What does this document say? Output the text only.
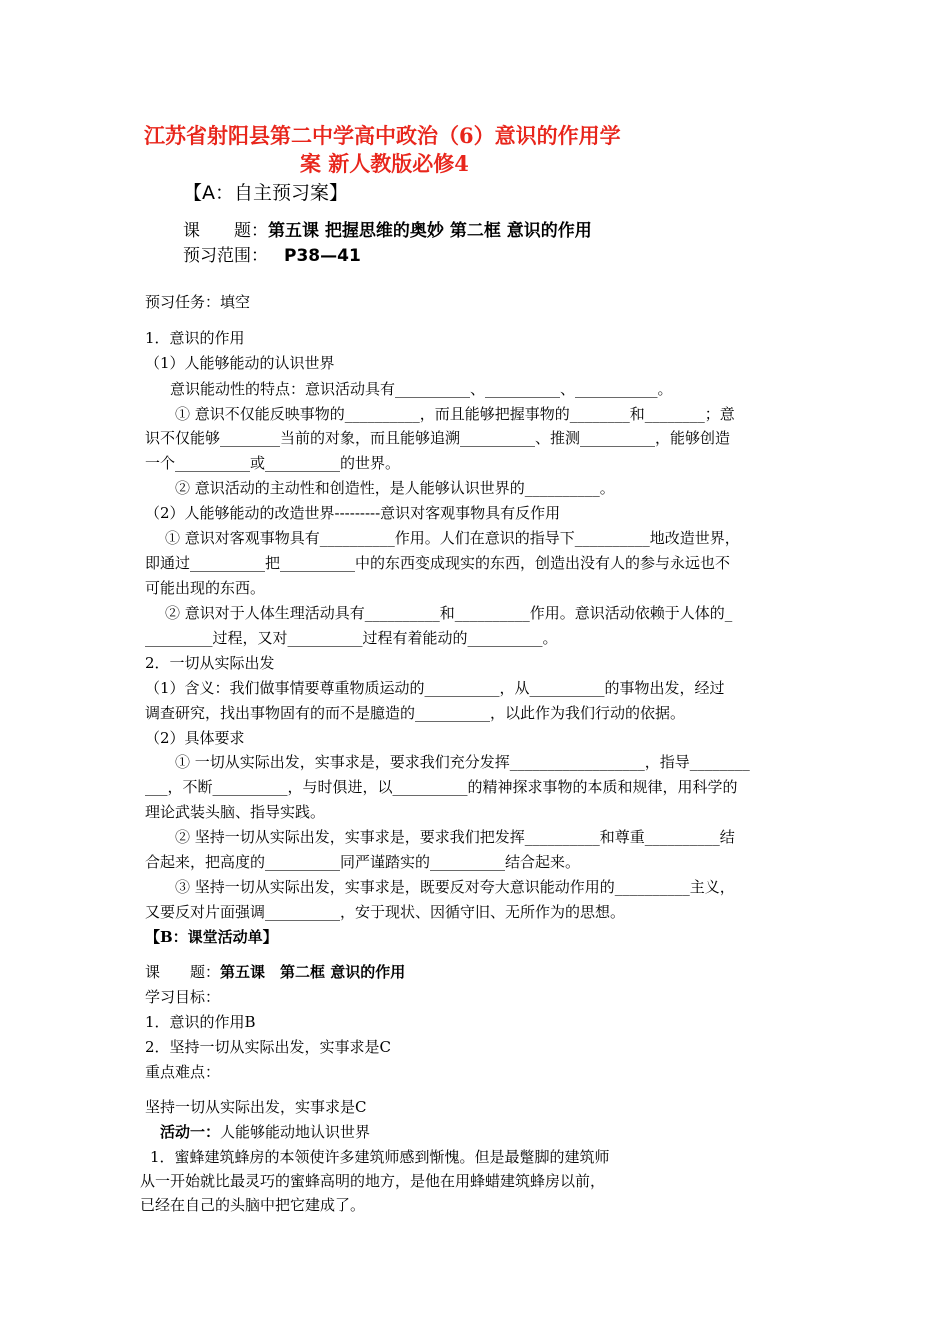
江苏省射阳县第二中学高中政治（6）意识的作用学
案 新人教版必修4
【A：自主预习案】
课　　题：第五课 把握思维的奥妙 第二框 意识的作用
预习范围： P38—41
预习任务：填空
1．意识的作用
（1）人能够能动的认识世界
意识能动性的特点：意识活动具有__________、__________、___________。
① 意识不仅能反映事物的__________，而且能够把握事物的________和________；意
识不仅能够________当前的对象，而且能够追溯__________、推测__________，能够创造
一个__________或__________的世界。
② 意识活动的主动性和创造性，是人能够认识世界的__________。
（2）人能够能动的改造世界---------意识对客观事物具有反作用
① 意识对客观事物具有__________作用。人们在意识的指导下__________地改造世界，
即通过__________把__________中的东西变成现实的东西，创造出没有人的参与永远也不
可能出现的东西。
② 意识对于人体生理活动具有__________和__________作用。意识活动依赖于人体的_
_________过程，又对__________过程有着能动的__________。
2．一切从实际出发
（1）含义：我们做事情要尊重物质运动的__________，从__________的事物出发，经过
调查研究，找出事物固有的而不是臆造的__________，以此作为我们行动的依据。
（2）具体要求
① 一切从实际出发，实事求是，要求我们充分发挥__________________，指导________
___，不断__________，与时俱进，以__________的精神探求事物的本质和规律，用科学的
理论武装头脑、指导实践。
② 坚持一切从实际出发，实事求是，要求我们把发挥__________和尊重__________结
合起来，把高度的__________同严谨踏实的__________结合起来。
③ 坚持一切从实际出发，实事求是，既要反对夸大意识能动作用的__________主义，
又要反对片面强调__________，安于现状、因循守旧、无所作为的思想。
【B：课堂活动单】
课　　题：第五课　第二框 意识的作用
学习目标：
1．意识的作用B
2．坚持一切从实际出发，实事求是C
重点难点：
坚持一切从实际出发，实事求是C
活动一：人能够能动地认识世界
1．蜜蜂建筑蜂房的本领使许多建筑师感到惭愧。但是最蹩脚的建筑师
从一开始就比最灵巧的蜜蜂高明的地方，是他在用蜂蜡建筑蜂房以前，
已经在自己的头脑中把它建成了。
